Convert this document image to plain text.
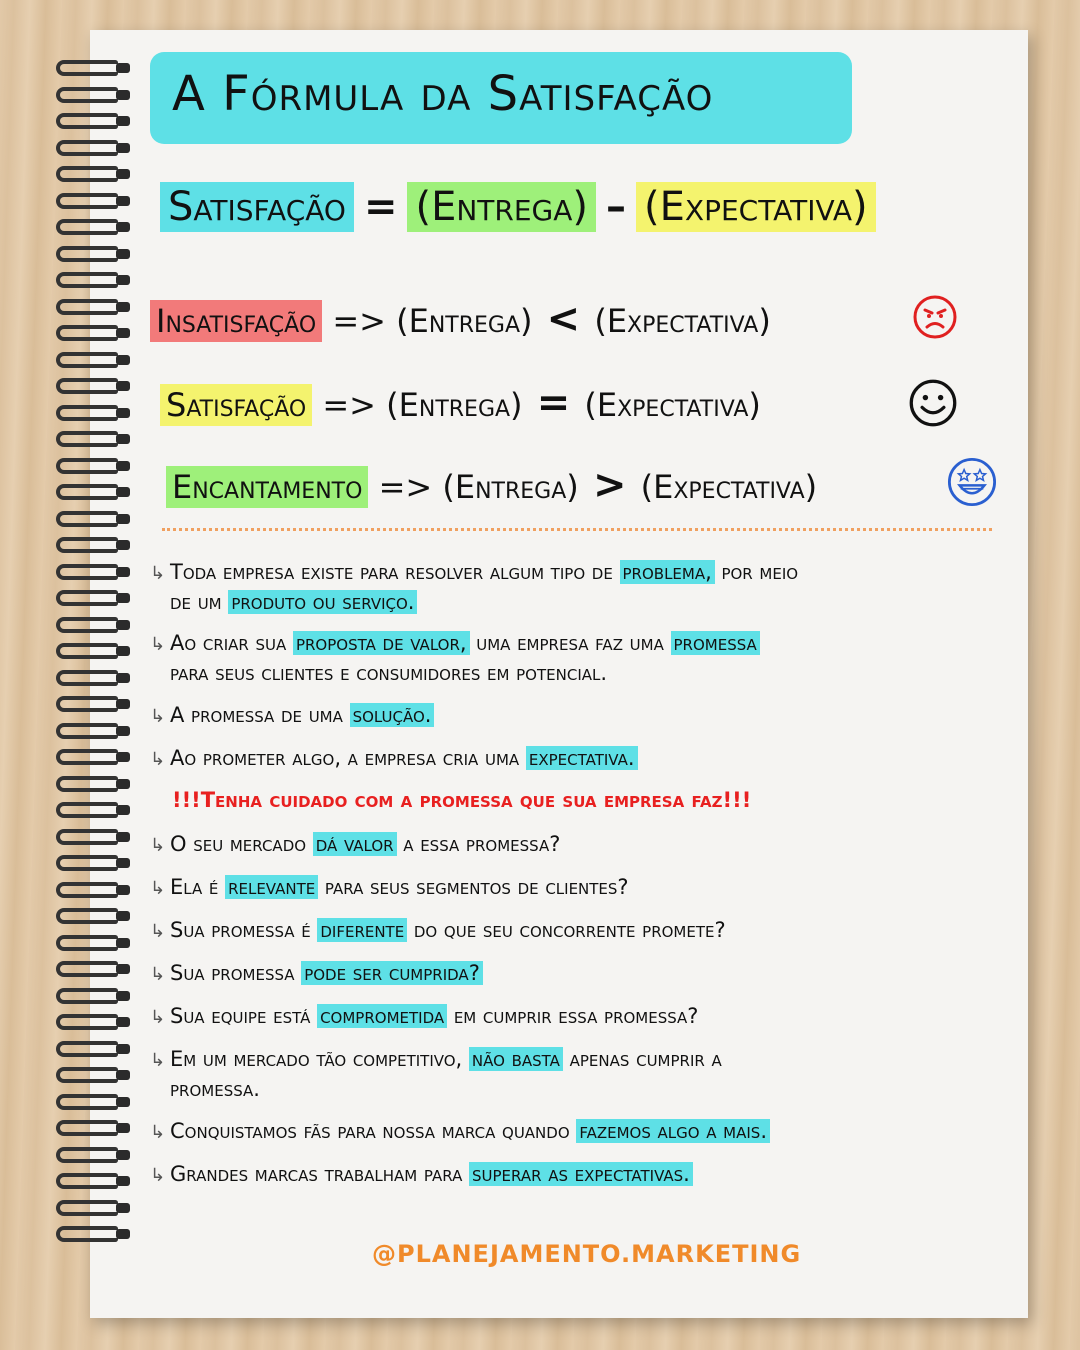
A Fórmula da Satisfação
Satisfação = (Entrega) – (Expectativa)
Insatisfação => (Entrega) < (Expectativa)
Satisfação => (Entrega) = (Expectativa)
Encantamento => (Entrega) > (Expectativa)
↳ Toda empresa existe para resolver algum tipo de problema, por meio
de um produto ou serviço.
↳ Ao criar sua proposta de valor, uma empresa faz uma promessa
para seus clientes e consumidores em potencial.
↳ A promessa de uma solução.
↳ Ao prometer algo, a empresa cria uma expectativa.
!!!Tenha cuidado com a promessa que sua empresa faz!!!
↳ O seu mercado dá valor a essa promessa?
↳ Ela é relevante para seus segmentos de clientes?
↳ Sua promessa é diferente do que seu concorrente promete?
↳ Sua promessa pode ser cumprida?
↳ Sua equipe está comprometida em cumprir essa promessa?
↳ Em um mercado tão competitivo, não basta apenas cumprir a
promessa.
↳ Conquistamos fãs para nossa marca quando fazemos algo a mais.
↳ Grandes marcas trabalham para superar as expectativas.
@PLANEJAMENTO.MARKETING
